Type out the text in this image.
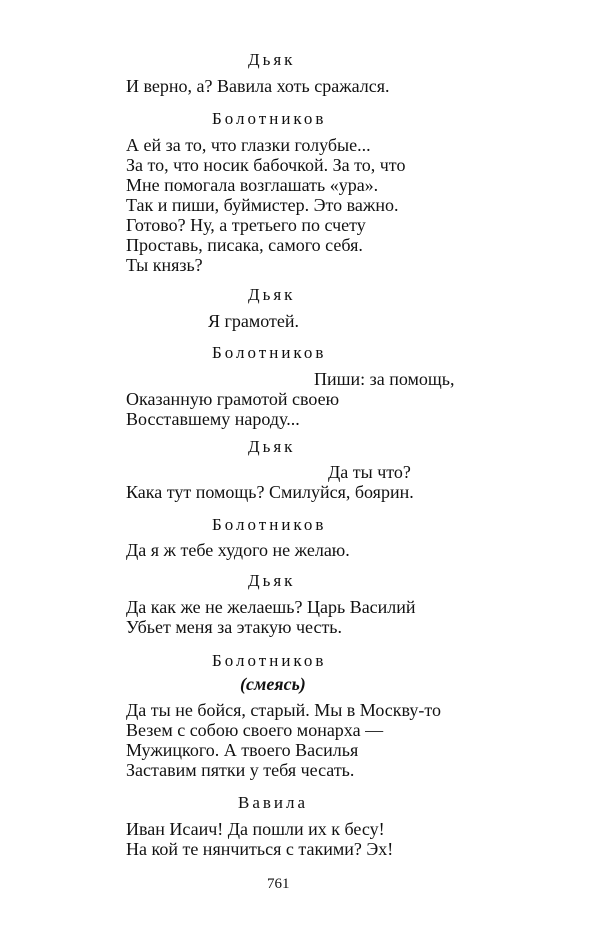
Дьяк
И верно, а? Вавила хоть сражался.
Болотников
А ей за то, что глазки голубые...
За то, что носик бабочкой. За то, что
Мне помогала возглашать «ура».
Так и пиши, буймистер. Это важно.
Готово? Ну, а третьего по счету
Проставь, писака, самого себя.
Ты князь?
Дьяк
Я грамотей.
Болотников
Пиши: за помощь,
Оказанную грамотой своею
Восставшему народу...
Дьяк
Да ты что?
Кака тут помощь? Смилуйся, боярин.
Болотников
Да я ж тебе худого не желаю.
Дьяк
Да как же не желаешь? Царь Василий
Убьет меня за этакую честь.
Болотников
(смеясь)
Да ты не бойся, старый. Мы в Москву-то
Везем с собою своего монарха —
Мужицкого. А твоего Василья
Заставим пятки у тебя чесать.
Вавила
Иван Исаич! Да пошли их к бесу!
На кой те нянчиться с такими? Эх!
761
